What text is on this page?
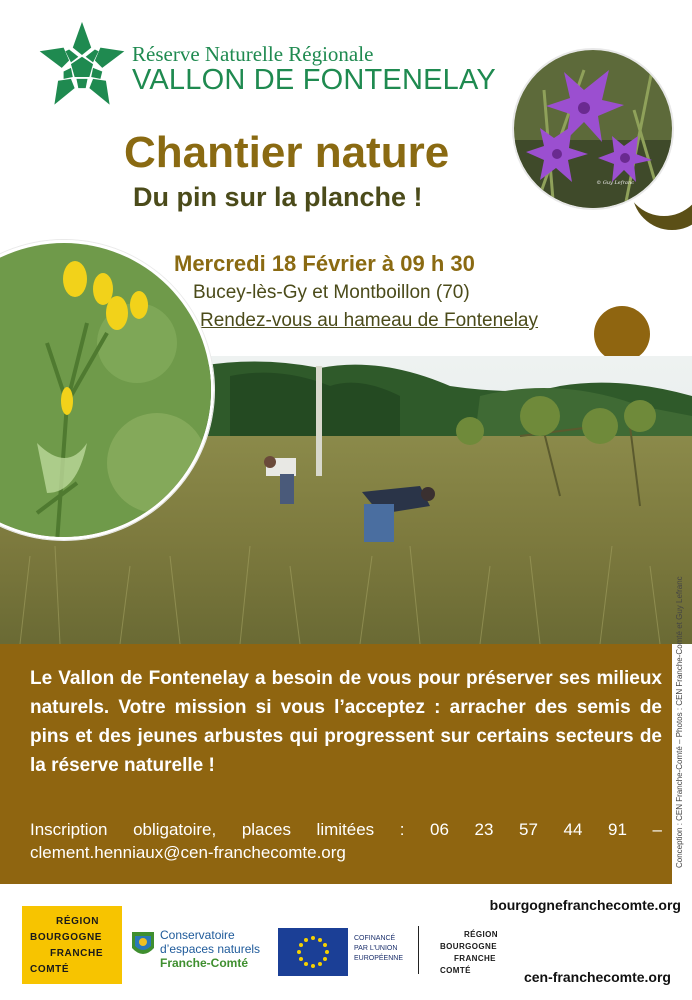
Réserve Naturelle Régionale
VALLON DE FONTENELAY
Chantier nature
Du pin sur la planche !	© Guy Lefranc
Mercredi 18 Février à 09 h 30
Bucey-lès-Gy et Montboillon (70)
Rendez-vous au hameau de Fontenelay
Conception : CEN Franche-Comté – Photos : CEN Franche-Comté et Guy Lefranc
Le Vallon de Fontenelay a besoin de vous pour préserver ses milieux naturels. Votre mission si vous l’acceptez : arracher des semis de pins et des jeunes arbustes qui progressent sur certains secteurs de la réserve naturelle !
Inscription obligatoire, places limitées : 06 23 57 44 91 –
clement.henniaux@cen-franchecomte.org
bourgognefranchecomte.org
RÉGION
BOURGOGNE
FRANCHE
COMTÉ
Conservatoire
d’espaces naturels
Franche-Comté
COFINANCÉ
PAR L’UNION
EUROPÉENNE
RÉGION
BOURGOGNE
FRANCHE
COMTÉ	cen-franchecomte.org
